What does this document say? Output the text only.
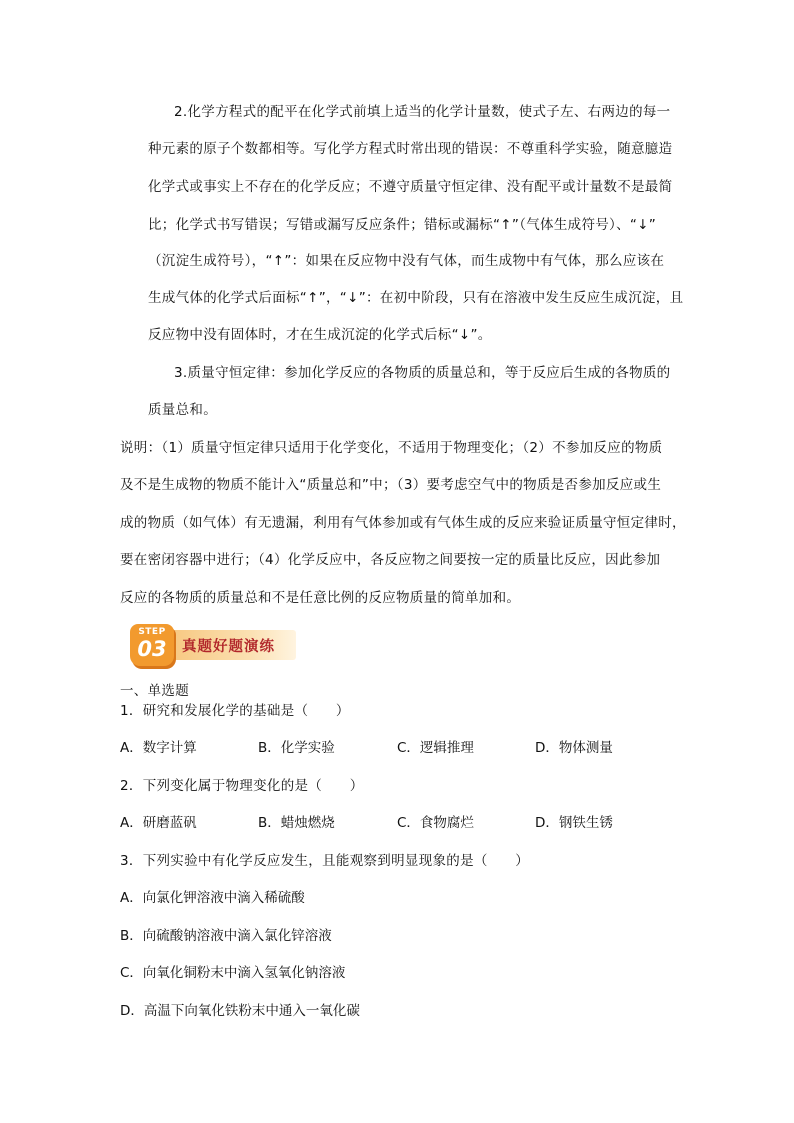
2.化学方程式的配平在化学式前填上适当的化学计量数，使式子左、右两边的每一
种元素的原子个数都相等。写化学方程式时常出现的错误：不尊重科学实验，随意臆造
化学式或事实上不存在的化学反应；不遵守质量守恒定律、没有配平或计量数不是最简
比；化学式书写错误；写错或漏写反应条件；错标或漏标“↑”（气体生成符号）、“↓”
（沉淀生成符号），“↑”：如果在反应物中没有气体，而生成物中有气体，那么应该在
生成气体的化学式后面标“↑”，“↓”：在初中阶段，只有在溶液中发生反应生成沉淀，且
反应物中没有固体时，才在生成沉淀的化学式后标“↓”。
3.质量守恒定律：参加化学反应的各物质的质量总和，等于反应后生成的各物质的
质量总和。
说明：（1）质量守恒定律只适用于化学变化，不适用于物理变化；（2）不参加反应的物质
及不是生成物的物质不能计入“质量总和”中；（3）要考虑空气中的物质是否参加反应或生
成的物质（如气体）有无遗漏，利用有气体参加或有气体生成的反应来验证质量守恒定律时，
要在密闭容器中进行；（4）化学反应中，各反应物之间要按一定的质量比反应，因此参加
反应的各物质的质量总和不是任意比例的反应物质量的简单加和。
STEP
03	真题好题演练
一、单选题
1．研究和发展化学的基础是（　　）
A．数字计算	B．化学实验	C．逻辑推理	D．物体测量
2．下列变化属于物理变化的是（　　）
A．研磨蓝矾	B．蜡烛燃烧	C．食物腐烂	D．钢铁生锈
3．下列实验中有化学反应发生，且能观察到明显现象的是（　　）
A．向氯化钾溶液中滴入稀硫酸
B．向硫酸钠溶液中滴入氯化锌溶液
C．向氧化铜粉末中滴入氢氧化钠溶液
D．高温下向氧化铁粉末中通入一氧化碳
